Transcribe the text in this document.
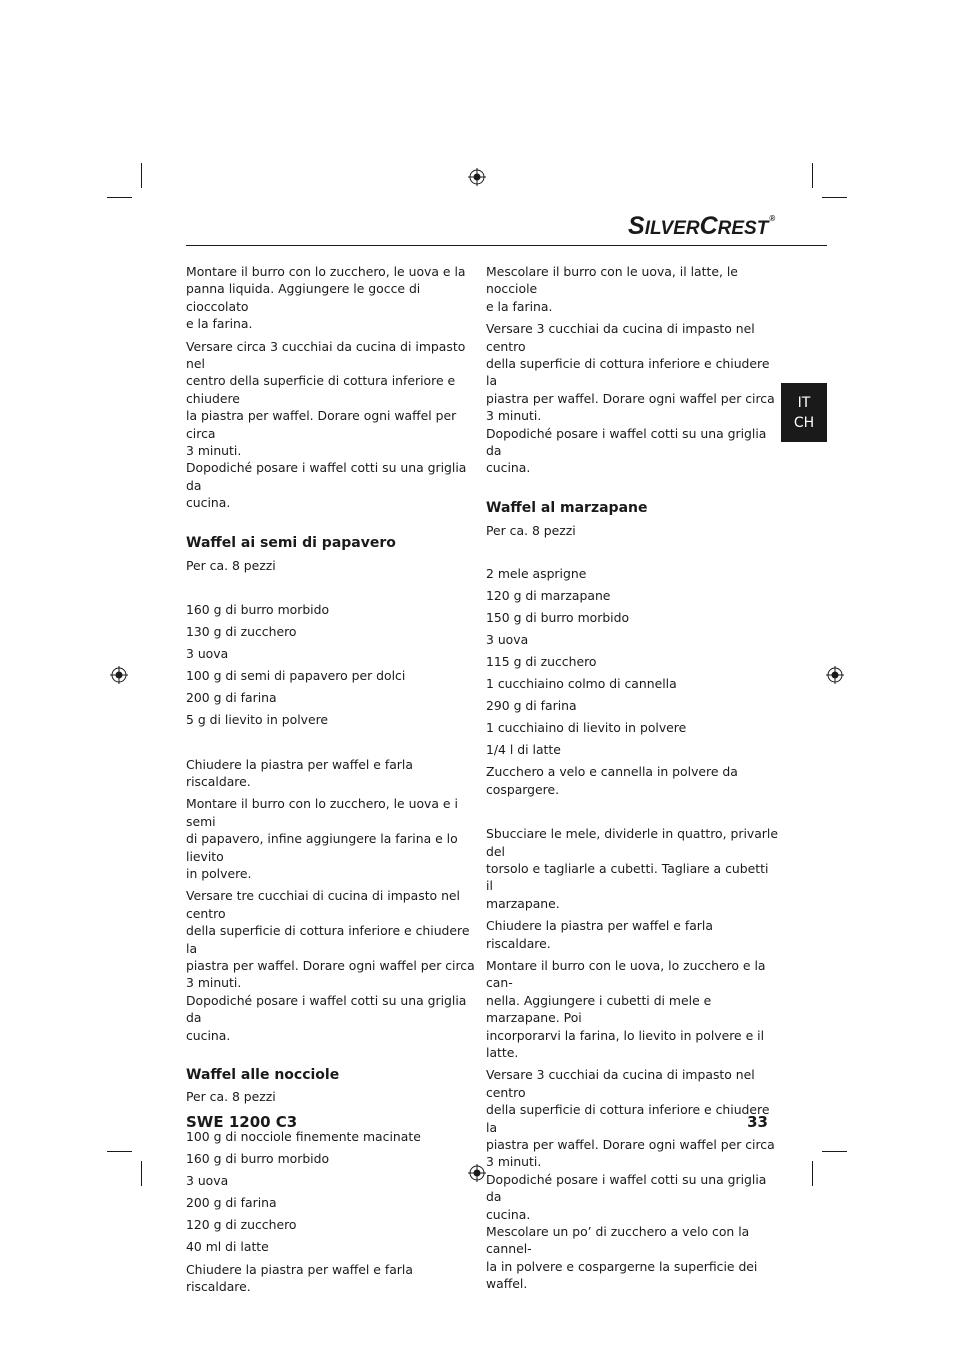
SILVERCREST®
IT
CH

Montare il burro con lo zucchero, le uova e la
panna liquida. Aggiungere le gocce di cioccolato
e la farina.

Versare circa 3 cucchiai da cucina di impasto nel
centro della superficie di cottura inferiore e chiudere
la piastra per waffel. Dorare ogni waffel per circa
3 minuti.
Dopodiché posare i waffel cotti su una griglia da
cucina.

Waffel ai semi di papavero

Per ca. 8 pezzi

160 g di burro morbido
130 g di zucchero
3 uova
100 g di semi di papavero per dolci
200 g di farina
5 g di lievito in polvere

Chiudere la piastra per waffel e farla riscaldare.

Montare il burro con lo zucchero, le uova e i semi
di papavero, infine aggiungere la farina e lo lievito
in polvere.

Versare tre cucchiai di cucina di impasto nel centro
della superficie di cottura inferiore e chiudere la
piastra per waffel. Dorare ogni waffel per circa
3 minuti.
Dopodiché posare i waffel cotti su una griglia da
cucina.

Waffel alle nocciole

Per ca. 8 pezzi

100 g di nocciole finemente macinate
160 g di burro morbido
3 uova
200 g di farina
120 g di zucchero
40 ml di latte

Chiudere la piastra per waffel e farla riscaldare.

Mescolare il burro con le uova, il latte, le nocciole
e la farina.

Versare 3 cucchiai da cucina di impasto nel centro
della superficie di cottura inferiore e chiudere la
piastra per waffel. Dorare ogni waffel per circa
3 minuti.
Dopodiché posare i waffel cotti su una griglia da
cucina.

Waffel al marzapane

Per ca. 8 pezzi

2 mele asprigne
120 g di marzapane
150 g di burro morbido
3 uova
115 g di zucchero
1 cucchiaino colmo di cannella
290 g di farina
1 cucchiaino di lievito in polvere
1/4 l di latte

Zucchero a velo e cannella in polvere da cospargere.

Sbucciare le mele, dividerle in quattro, privarle del
torsolo e tagliarle a cubetti. Tagliare a cubetti il
marzapane.

Chiudere la piastra per waffel e farla riscaldare.

Montare il burro con le uova, lo zucchero e la can-
nella. Aggiungere i cubetti di mele e marzapane. Poi
incorporarvi la farina, lo lievito in polvere e il latte.

Versare 3 cucchiai da cucina di impasto nel centro
della superficie di cottura inferiore e chiudere la
piastra per waffel. Dorare ogni waffel per circa
3 minuti.
Dopodiché posare i waffel cotti su una griglia da
cucina.
Mescolare un po’ di zucchero a velo con la cannel-
la in polvere e cospargerne la superficie dei waffel.

SWE 1200 C3	33
